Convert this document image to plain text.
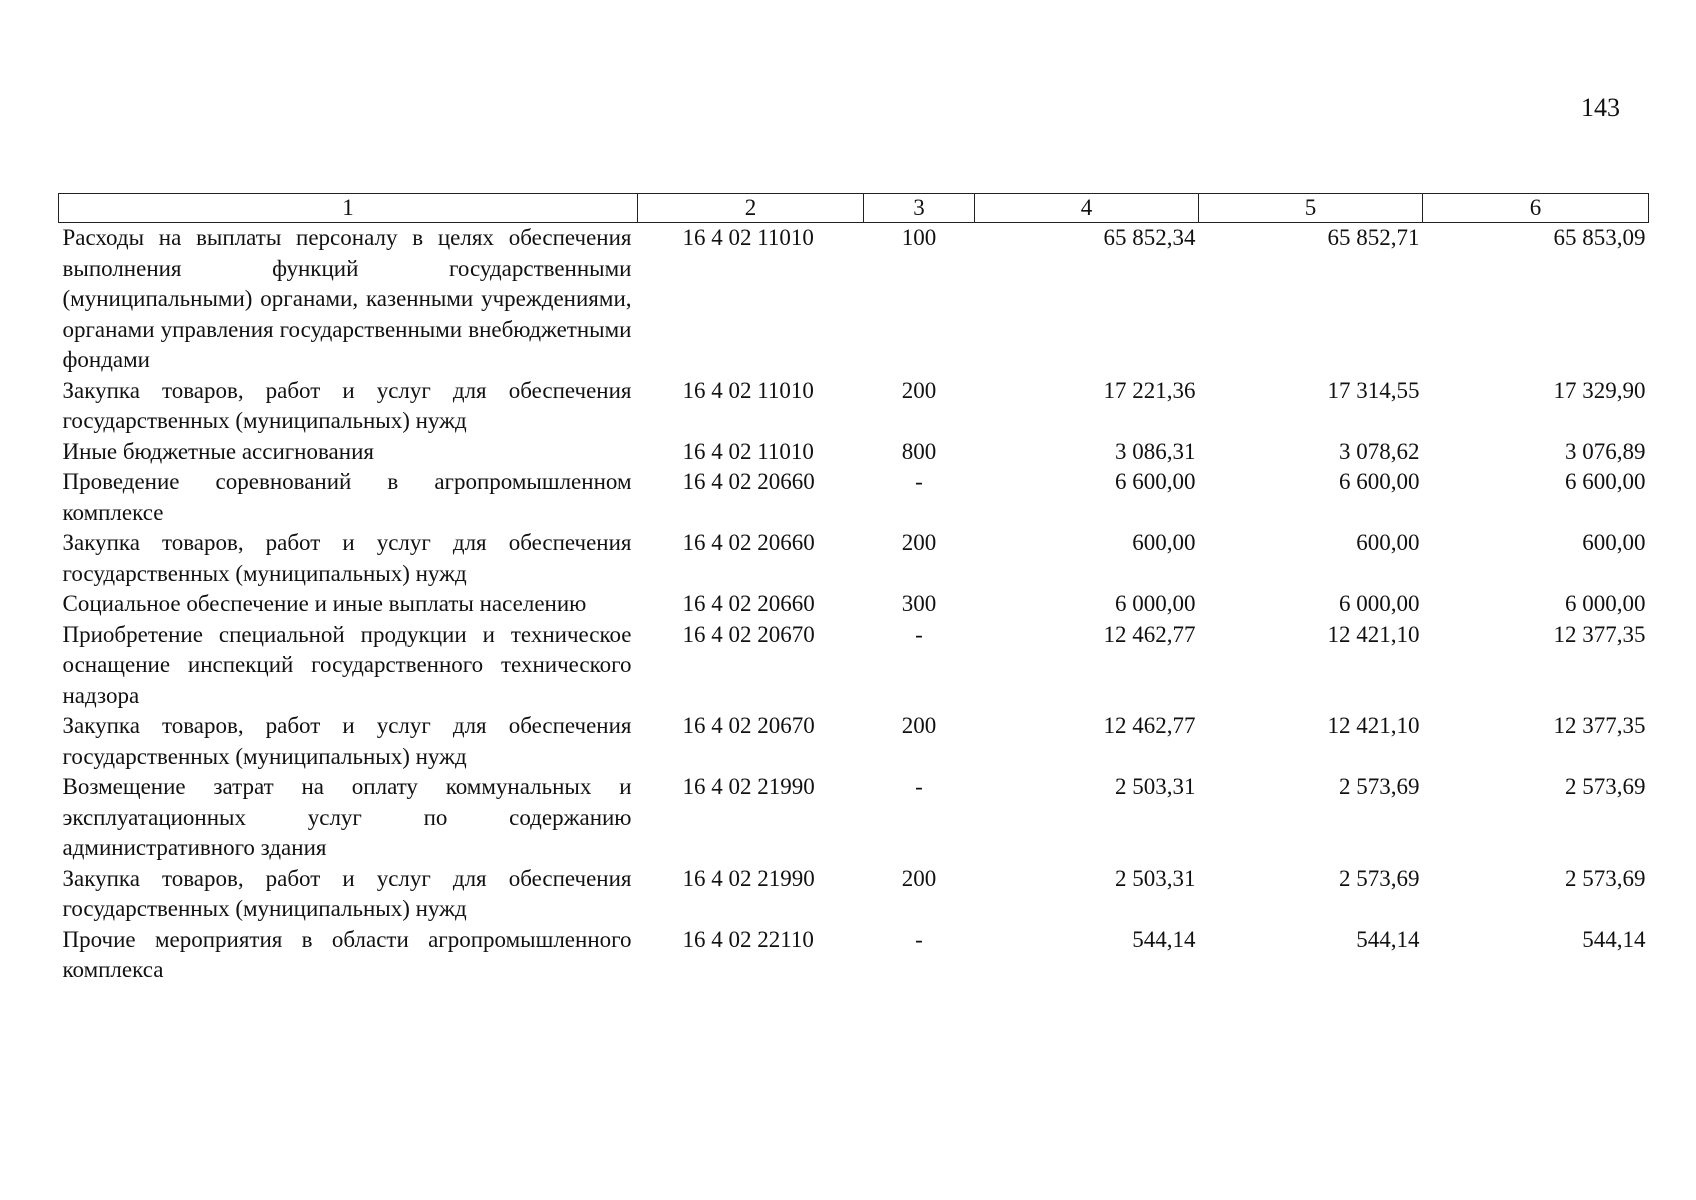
143
1	2	3	4	5	6
Расходы на выплаты персоналу в целях обеспечения выполнения функций государственными (муниципальными) органами, казенными учреждениями, органами управления государственными внебюджетными фондами	16 4 02 11010	100	65 852,34	65 852,71	65 853,09
Закупка товаров, работ и услуг для обеспечения государственных (муниципальных) нужд	16 4 02 11010	200	17 221,36	17 314,55	17 329,90
Иные бюджетные ассигнования	16 4 02 11010	800	3 086,31	3 078,62	3 076,89
Проведение соревнований в агропромышленном комплексе	16 4 02 20660	-	6 600,00	6 600,00	6 600,00
Закупка товаров, работ и услуг для обеспечения государственных (муниципальных) нужд	16 4 02 20660	200	600,00	600,00	600,00
Социальное обеспечение и иные выплаты населению	16 4 02 20660	300	6 000,00	6 000,00	6 000,00
Приобретение специальной продукции и техническое оснащение инспекций государственного технического надзора	16 4 02 20670	-	12 462,77	12 421,10	12 377,35
Закупка товаров, работ и услуг для обеспечения государственных (муниципальных) нужд	16 4 02 20670	200	12 462,77	12 421,10	12 377,35
Возмещение затрат на оплату коммунальных и эксплуатационных услуг по содержанию административного здания	16 4 02 21990	-	2 503,31	2 573,69	2 573,69
Закупка товаров, работ и услуг для обеспечения государственных (муниципальных) нужд	16 4 02 21990	200	2 503,31	2 573,69	2 573,69
Прочие мероприятия в области агропромышленного комплекса	16 4 02 22110	-	544,14	544,14	544,14
